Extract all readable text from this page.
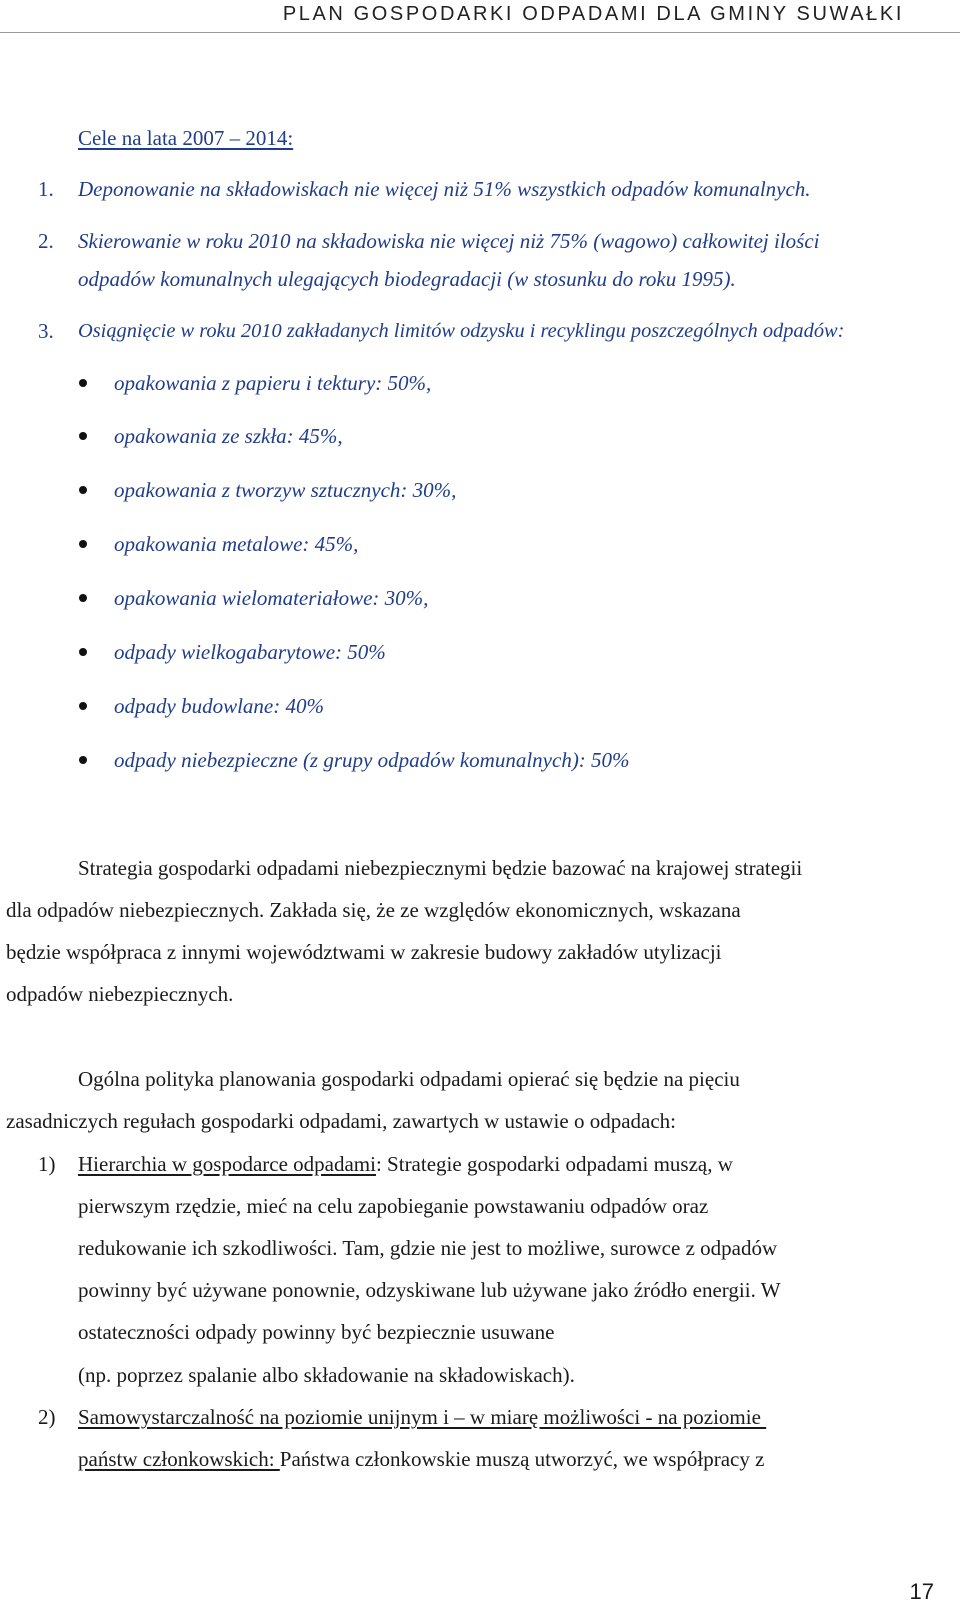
PLAN GOSPODARKI ODPADAMI DLA GMINY SUWAŁKI
Cele na lata 2007 – 2014:
1. Deponowanie na składowiskach nie więcej niż 51% wszystkich odpadów komunalnych.
2. Skierowanie w roku 2010 na składowiska nie więcej niż 75% (wagowo) całkowitej ilości
odpadów komunalnych ulegających biodegradacji (w stosunku do roku 1995).
3. Osiągnięcie w roku 2010 zakładanych limitów odzysku i recyklingu poszczególnych odpadów:
opakowania z papieru i tektury: 50%,
opakowania ze szkła: 45%,
opakowania z tworzyw sztucznych: 30%,
opakowania metalowe: 45%,
opakowania wielomateriałowe: 30%,
odpady wielkogabarytowe: 50%
odpady budowlane: 40%
odpady niebezpieczne (z grupy odpadów komunalnych): 50%
Strategia gospodarki odpadami niebezpiecznymi będzie bazować na krajowej strategii
dla odpadów niebezpiecznych. Zakłada się, że ze względów ekonomicznych, wskazana
będzie współpraca z innymi województwami w zakresie budowy zakładów utylizacji
odpadów niebezpiecznych.
Ogólna polityka planowania gospodarki odpadami opierać się będzie na pięciu
zasadniczych regułach gospodarki odpadami, zawartych w ustawie o odpadach:
1) Hierarchia w gospodarce odpadami: Strategie gospodarki odpadami muszą, w
pierwszym rzędzie, mieć na celu zapobieganie powstawaniu odpadów oraz
redukowanie ich szkodliwości. Tam, gdzie nie jest to możliwe, surowce z odpadów
powinny być używane ponownie, odzyskiwane lub używane jako źródło energii. W
ostateczności odpady powinny być bezpiecznie usuwane
(np. poprzez spalanie albo składowanie na składowiskach).
2) Samowystarczalność na poziomie unijnym i – w miarę możliwości - na poziomie
państw członkowskich: Państwa członkowskie muszą utworzyć, we współpracy z
17
